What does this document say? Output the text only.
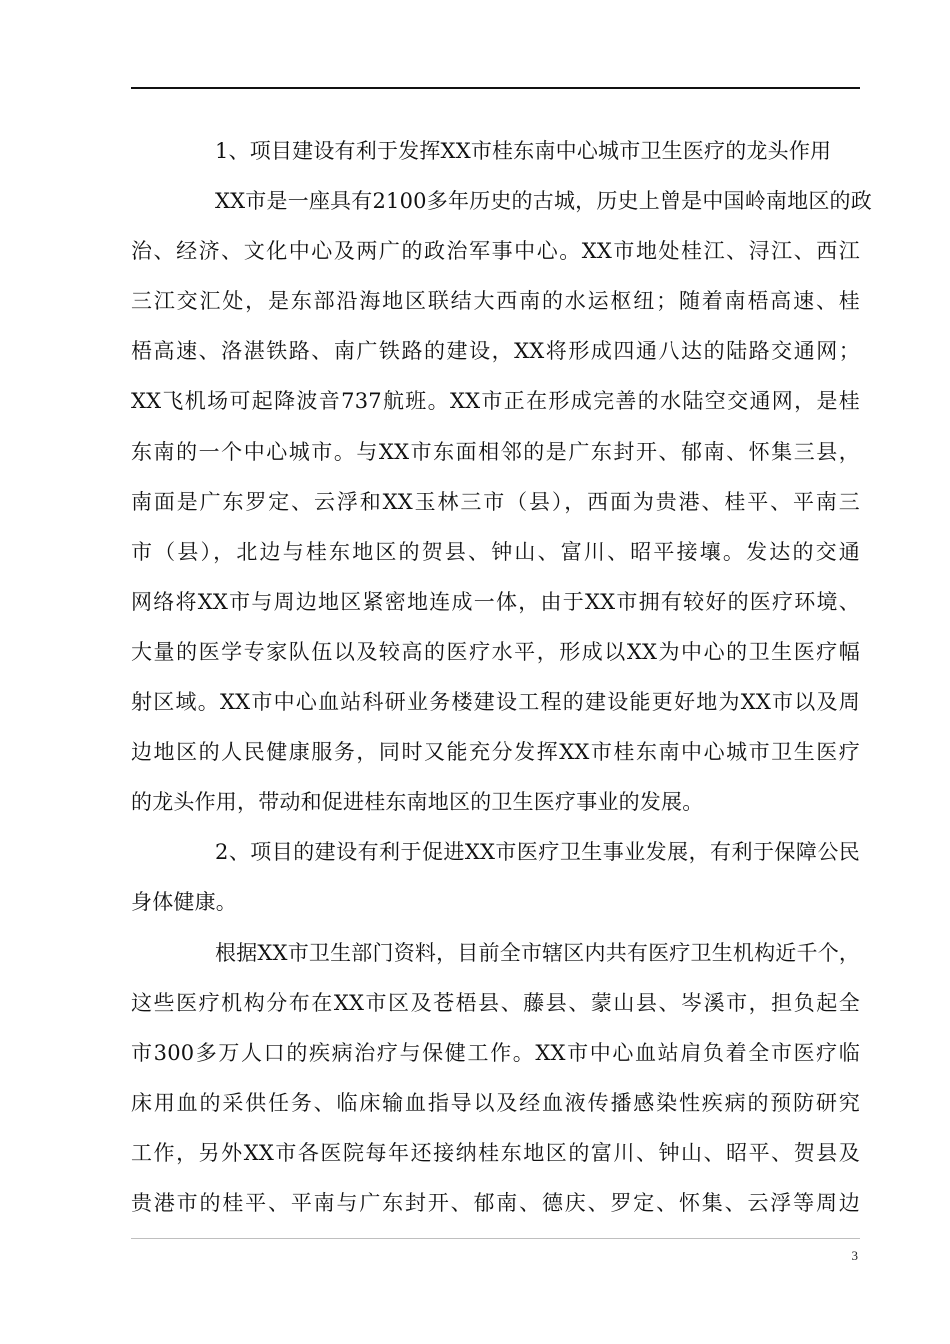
1、项目建设有利于发挥XX市桂东南中心城市卫生医疗的龙头作用
XX市是一座具有2100多年历史的古城，历史上曾是中国岭南地区的政
治、经济、文化中心及两广的政治军事中心。XX市地处桂江、浔江、西江
三江交汇处，是东部沿海地区联结大西南的水运枢纽；随着南梧高速、桂
梧高速、洛湛铁路、南广铁路的建设，XX将形成四通八达的陆路交通网；
XX飞机场可起降波音737航班。XX市正在形成完善的水陆空交通网，是桂
东南的一个中心城市。与XX市东面相邻的是广东封开、郁南、怀集三县，
南面是广东罗定、云浮和XX玉林三市（县），西面为贵港、桂平、平南三
市（县），北边与桂东地区的贺县、钟山、富川、昭平接壤。发达的交通
网络将XX市与周边地区紧密地连成一体，由于XX市拥有较好的医疗环境、
大量的医学专家队伍以及较高的医疗水平，形成以XX为中心的卫生医疗幅
射区域。XX市中心血站科研业务楼建设工程的建设能更好地为XX市以及周
边地区的人民健康服务，同时又能充分发挥XX市桂东南中心城市卫生医疗
的龙头作用，带动和促进桂东南地区的卫生医疗事业的发展。
2、项目的建设有利于促进XX市医疗卫生事业发展，有利于保障公民
身体健康。
根据XX市卫生部门资料，目前全市辖区内共有医疗卫生机构近千个，
这些医疗机构分布在XX市区及苍梧县、藤县、蒙山县、岑溪市，担负起全
市300多万人口的疾病治疗与保健工作。XX市中心血站肩负着全市医疗临
床用血的采供任务、临床输血指导以及经血液传播感染性疾病的预防研究
工作，另外XX市各医院每年还接纳桂东地区的富川、钟山、昭平、贺县及
贵港市的桂平、平南与广东封开、郁南、德庆、罗定、怀集、云浮等周边
3
